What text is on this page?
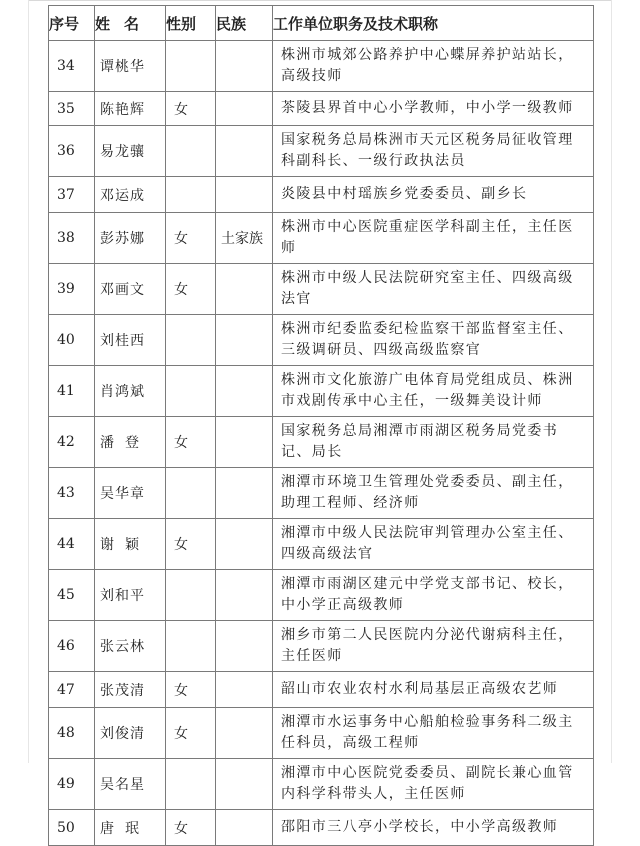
序号	姓名	性别	民族	工作单位职务及技术职称
34	谭桃华			株洲市城郊公路养护中心蝶屏养护站站长，高级技师
35	陈艳辉	女		茶陵县界首中心小学教师，中小学一级教师
36	易龙骧			国家税务总局株洲市天元区税务局征收管理科副科长、一级行政执法员
37	邓运成			炎陵县中村瑶族乡党委委员、副乡长
38	彭苏娜	女	土家族	株洲市中心医院重症医学科副主任，主任医师
39	邓画文	女		株洲市中级人民法院研究室主任、四级高级法官
40	刘桂西			株洲市纪委监委纪检监察干部监督室主任、三级调研员、四级高级监察官
41	肖鸿斌			株洲市文化旅游广电体育局党组成员、株洲市戏剧传承中心主任，一级舞美设计师
42	潘登	女		国家税务总局湘潭市雨湖区税务局党委书记、局长
43	吴华章			湘潭市环境卫生管理处党委委员、副主任，助理工程师、经济师
44	谢颖	女		湘潭市中级人民法院审判管理办公室主任、四级高级法官
45	刘和平			湘潭市雨湖区建元中学党支部书记、校长，中小学正高级教师
46	张云林			湘乡市第二人民医院内分泌代谢病科主任，主任医师
47	张茂清	女		韶山市农业农村水利局基层正高级农艺师
48	刘俊清	女		湘潭市水运事务中心船舶检验事务科二级主任科员，高级工程师
49	吴名星			湘潭市中心医院党委委员、副院长兼心血管内科学科带头人，主任医师
50	唐珉	女		邵阳市三八亭小学校长，中小学高级教师
